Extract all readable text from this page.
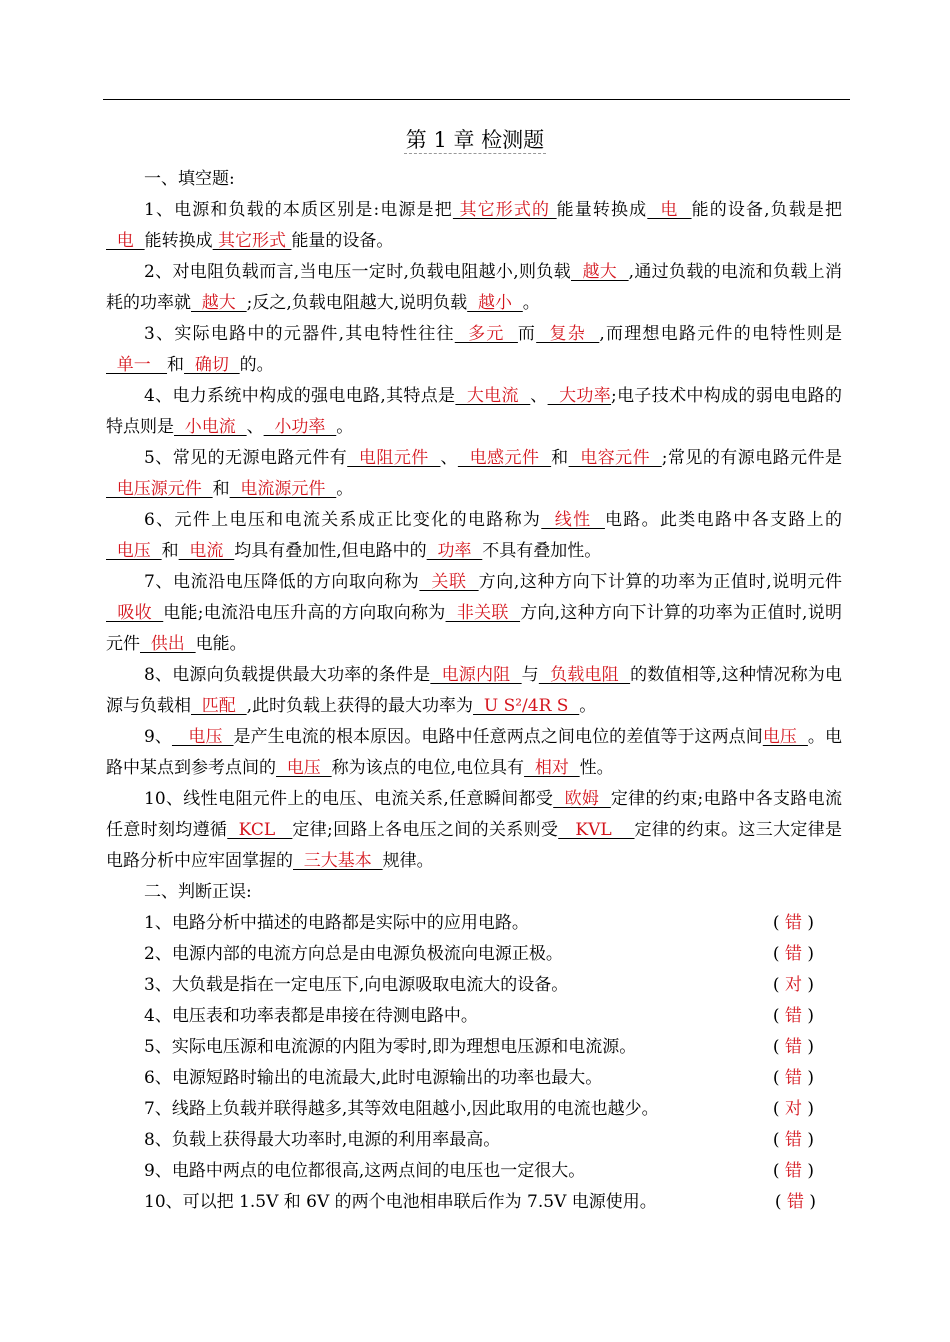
第 1 章 检测题

一、填空题:

1、电源和负载的本质区别是:电源是把 其它形式的 能量转换成  电  能的设备,负载是把  电  能转换成 其它形式 能量的设备。

2、对电阻负载而言,当电压一定时,负载电阻越小,则负载  越大  ,通过负载的电流和负载上消耗的功率就  越大  ;反之,负载电阻越大,说明负载  越小  。

3、实际电路中的元器件,其电特性往往  多元  而  复杂  ,而理想电路元件的电特性则是  单一   和  确切  的。

4、电力系统中构成的强电电路,其特点是  大电流  、  大功率;电子技术中构成的弱电电路的特点则是  小电流  、  小功率  。

5、常见的无源电路元件有  电阻元件  、  电感元件  和  电容元件  ;常见的有源电路元件是  电压源元件  和  电流源元件  。

6、元件上电压和电流关系成正比变化的电路称为  线性  电路。此类电路中各支路上的  电压  和  电流  均具有叠加性,但电路中的  功率  不具有叠加性。

7、电流沿电压降低的方向取向称为  关联  方向,这种方向下计算的功率为正值时,说明元件  吸收  电能;电流沿电压升高的方向取向称为  非关联  方向,这种方向下计算的功率为正值时,说明元件  供出  电能。

8、电源向负载提供最大功率的条件是  电源内阻  与  负载电阻  的数值相等,这种情况称为电源与负载相  匹配  ,此时负载上获得的最大功率为  U S²/4R S  。

9、   电压  是产生电流的根本原因。电路中任意两点之间电位的差值等于这两点间电压  。电路中某点到参考点间的  电压  称为该点的电位,电位具有  相对  性。

10、线性电阻元件上的电压、电流关系,任意瞬间都受  欧姆  定律的约束;电路中各支路电流任意时刻均遵循  KCL   定律;回路上各电压之间的关系则受   KVL    定律的约束。这三大定律是电路分析中应牢固掌握的  三大基本  规律。

二、判断正误:

1、电路分析中描述的电路都是实际中的应用电路。	( 错 )
2、电源内部的电流方向总是由电源负极流向电源正极。	( 错 )
3、大负载是指在一定电压下,向电源吸取电流大的设备。	( 对 )
4、电压表和功率表都是串接在待测电路中。	( 错 )
5、实际电压源和电流源的内阻为零时,即为理想电压源和电流源。	( 错 )
6、电源短路时输出的电流最大,此时电源输出的功率也最大。	( 错 )
7、线路上负载并联得越多,其等效电阻越小,因此取用的电流也越少。	( 对 )
8、负载上获得最大功率时,电源的利用率最高。	( 错 )
9、电路中两点的电位都很高,这两点间的电压也一定很大。	( 错 )
10、可以把 1.5V 和 6V 的两个电池相串联后作为 7.5V 电源使用。	( 错 )
